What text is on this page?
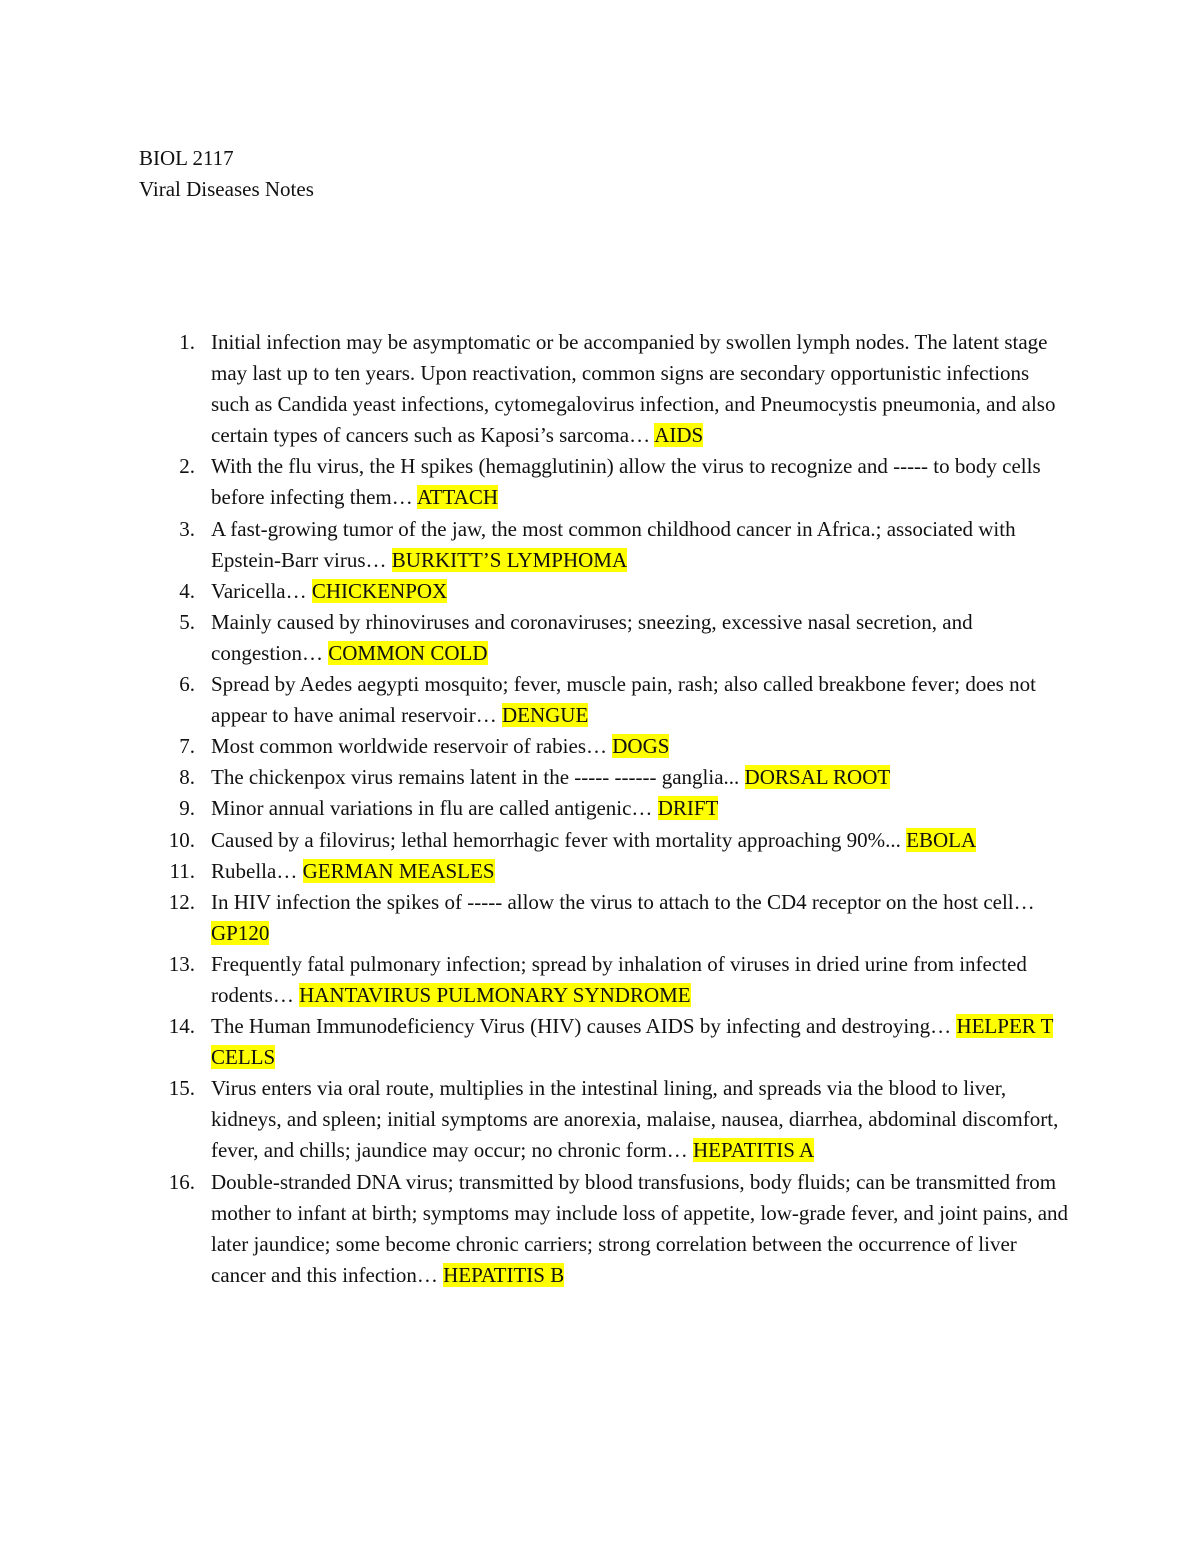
BIOL 2117
Viral Diseases Notes
1. Initial infection may be asymptomatic or be accompanied by swollen lymph nodes. The latent stage may last up to ten years. Upon reactivation, common signs are secondary opportunistic infections such as Candida yeast infections, cytomegalovirus infection, and Pneumocystis pneumonia, and also certain types of cancers such as Kaposi’s sarcoma… AIDS
2. With the flu virus, the H spikes (hemagglutinin) allow the virus to recognize and ----- to body cells before infecting them… ATTACH
3. A fast-growing tumor of the jaw, the most common childhood cancer in Africa.; associated with Epstein-Barr virus… BURKITT’S LYMPHOMA
4. Varicella… CHICKENPOX
5. Mainly caused by rhinoviruses and coronaviruses; sneezing, excessive nasal secretion, and congestion… COMMON COLD
6. Spread by Aedes aegypti mosquito; fever, muscle pain, rash; also called breakbone fever; does not appear to have animal reservoir… DENGUE
7. Most common worldwide reservoir of rabies… DOGS
8. The chickenpox virus remains latent in the ----- ------ ganglia... DORSAL ROOT
9. Minor annual variations in flu are called antigenic… DRIFT
10. Caused by a filovirus; lethal hemorrhagic fever with mortality approaching 90%... EBOLA
11. Rubella… GERMAN MEASLES
12. In HIV infection the spikes of ----- allow the virus to attach to the CD4 receptor on the host cell… GP120
13. Frequently fatal pulmonary infection; spread by inhalation of viruses in dried urine from infected rodents… HANTAVIRUS PULMONARY SYNDROME
14. The Human Immunodeficiency Virus (HIV) causes AIDS by infecting and destroying… HELPER T CELLS
15. Virus enters via oral route, multiplies in the intestinal lining, and spreads via the blood to liver, kidneys, and spleen; initial symptoms are anorexia, malaise, nausea, diarrhea, abdominal discomfort, fever, and chills; jaundice may occur; no chronic form… HEPATITIS A
16. Double-stranded DNA virus; transmitted by blood transfusions, body fluids; can be transmitted from mother to infant at birth; symptoms may include loss of appetite, low-grade fever, and joint pains, and later jaundice; some become chronic carriers; strong correlation between the occurrence of liver cancer and this infection… HEPATITIS B
